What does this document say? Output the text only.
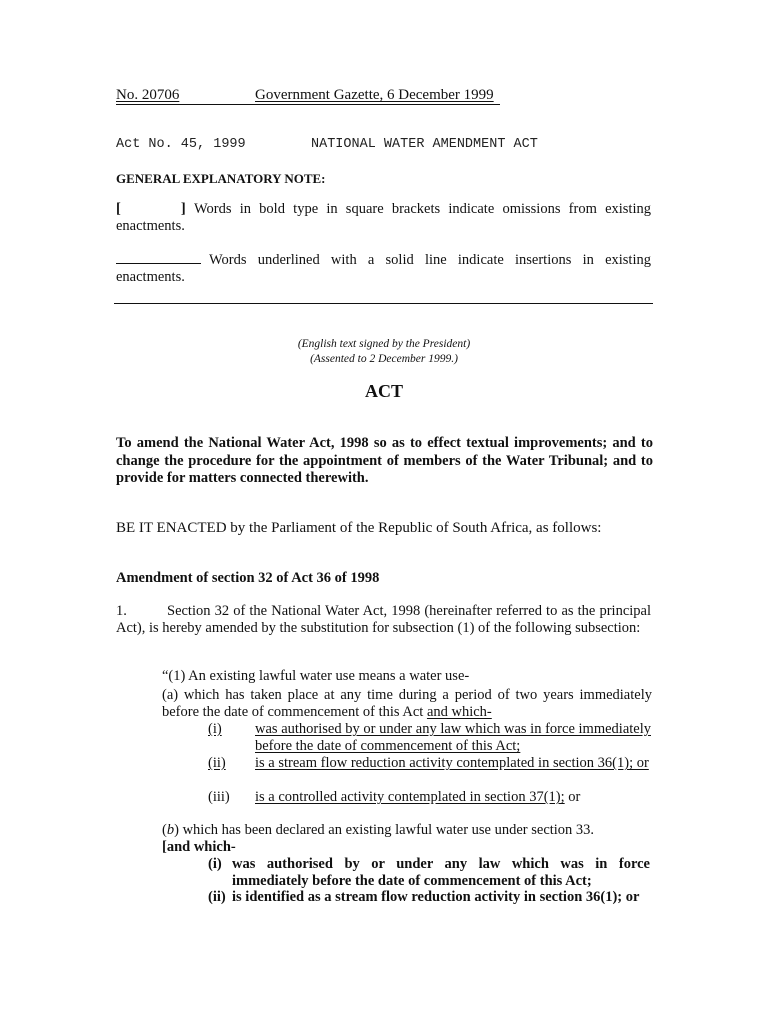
No. 20706	Government Gazette, 6 December 1999
Act No. 45, 1999	NATIONAL WATER AMENDMENT ACT
GENERAL EXPLANATORY NOTE:
[	] Words in bold type in square brackets indicate omissions from existing enactments.
Words underlined with a solid line indicate insertions in existing enactments.
(English text signed by the President)
(Assented to 2 December 1999.)
ACT
To amend the National Water Act, 1998 so as to effect textual improvements; and to change the procedure for the appointment of members of the Water Tribunal; and to provide for matters connected therewith.
BE IT ENACTED by the Parliament of the Republic of South Africa, as follows:
Amendment of section 32 of Act 36 of 1998
1.	Section 32 of the National Water Act, 1998 (hereinafter referred to as the principal Act), is hereby amended by the substitution for subsection (1) of the following subsection:
“(1) An existing lawful water use means a water use-
(a) which has taken place at any time during a period of two years immediately before the date of commencement of this Act and which-
(i) was authorised by or under any law which was in force immediately before the date of commencement of this Act;
(ii) is a stream flow reduction activity contemplated in section 36(1); or
(iii) is a controlled activity contemplated in section 37(1); or
(b) which has been declared an existing lawful water use under section 33.
[and which-
(i) was authorised by or under any law which was in force immediately before the date of commencement of this Act;
(ii) is identified as a stream flow reduction activity in section 36(1); or
